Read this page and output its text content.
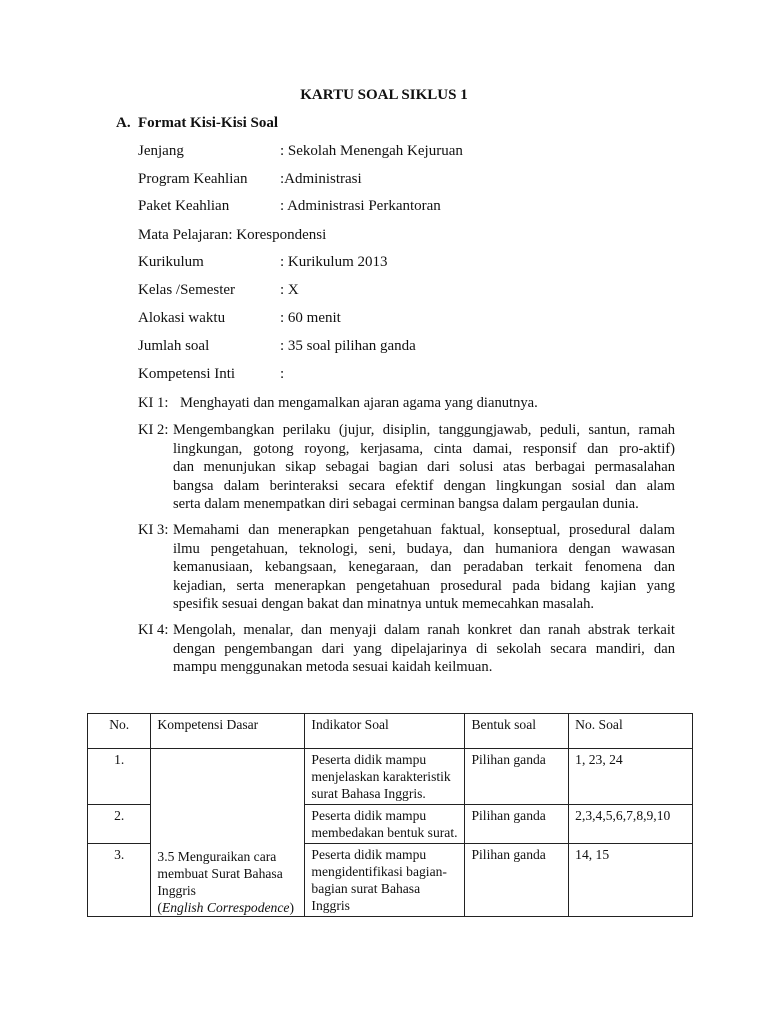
KARTU SOAL SIKLUS 1
A. Format Kisi-Kisi Soal
Jenjang	: Sekolah Menengah Kejuruan
Program Keahlian :Administrasi
Paket Keahlian	: Administrasi Perkantoran
Mata Pelajaran: Korespondensi
Kurikulum	: Kurikulum 2013
Kelas /Semester	: X
Alokasi waktu	: 60 menit
Jumlah soal	: 35 soal pilihan ganda
Kompetensi Inti	:
KI 1: Menghayati dan mengamalkan ajaran agama yang dianutnya.

KI 2: Mengembangkan perilaku (jujur, disiplin, tanggungjawab, peduli, santun, ramah

lingkungan, gotong royong, kerjasama, cinta damai, responsif dan pro-aktif)

dan menunjukan sikap sebagai bagian dari solusi atas berbagai permasalahan

bangsa dalam berinteraksi secara efektif dengan lingkungan sosial dan alam

serta dalam menempatkan diri sebagai cerminan bangsa dalam pergaulan dunia.

KI 3: Memahami dan menerapkan pengetahuan faktual, konseptual, prosedural dalam

ilmu pengetahuan, teknologi, seni, budaya, dan humaniora dengan wawasan

kemanusiaan, kebangsaan, kenegaraan, dan peradaban terkait fenomena dan

kejadian, serta menerapkan pengetahuan prosedural pada bidang kajian yang

spesifik sesuai dengan bakat dan minatnya untuk memecahkan masalah.

KI 4: Mengolah, menalar, dan menyaji dalam ranah konkret dan ranah abstrak terkait

dengan pengembangan dari yang dipelajarinya di sekolah secara mandiri, dan

mampu menggunakan metoda sesuai kaidah keilmuan.

No.	Kompetensi Dasar	Indikator Soal	Bentuk soal	No. Soal
1.	3.5 Menguraikan cara membuat Surat Bahasa Inggris
(English Correspodence)	Peserta didik mampu menjelaskan karakteristik surat Bahasa Inggris.	Pilihan ganda	1, 23, 24
2.		Peserta didik mampu membedakan bentuk surat.	Pilihan ganda	2,3,4,5,6,7,8,9,10
3.		Peserta didik mampu mengidentifikasi bagian-bagian surat Bahasa Inggris	Pilihan ganda	14, 15
